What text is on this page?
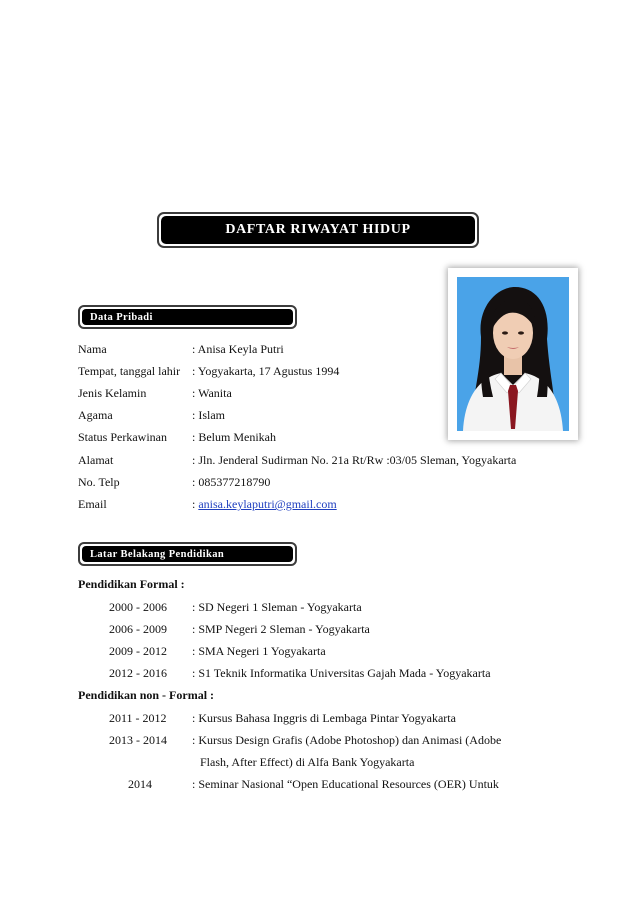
DAFTAR RIWAYAT HIDUP
Data Pribadi
Nama	: Anisa Keyla Putri
Tempat, tanggal lahir : Yogyakarta, 17 Agustus 1994
Jenis Kelamin	: Wanita
Agama	: Islam
Status Perkawinan : Belum Menikah
Alamat	: Jln. Jenderal Sudirman No. 21a Rt/Rw :03/05 Sleman, Yogyakarta
No. Telp	: 085377218790
Email	: anisa.keylaputri@gmail.com
Latar Belakang Pendidikan
Pendidikan Formal :
2000 - 2006 : SD Negeri 1 Sleman - Yogyakarta
2006 - 2009 : SMP Negeri 2 Sleman - Yogyakarta
2009 - 2012 : SMA Negeri 1 Yogyakarta
2012 - 2016 : S1 Teknik Informatika Universitas Gajah Mada - Yogyakarta
Pendidikan non - Formal :
2011 - 2012 : Kursus Bahasa Inggris di Lembaga Pintar Yogyakarta
2013 - 2014 : Kursus Design Grafis (Adobe Photoshop) dan Animasi (Adobe
Flash, After Effect) di Alfa Bank Yogyakarta
2014	: Seminar Nasional “Open Educational Resources (OER) Untuk
